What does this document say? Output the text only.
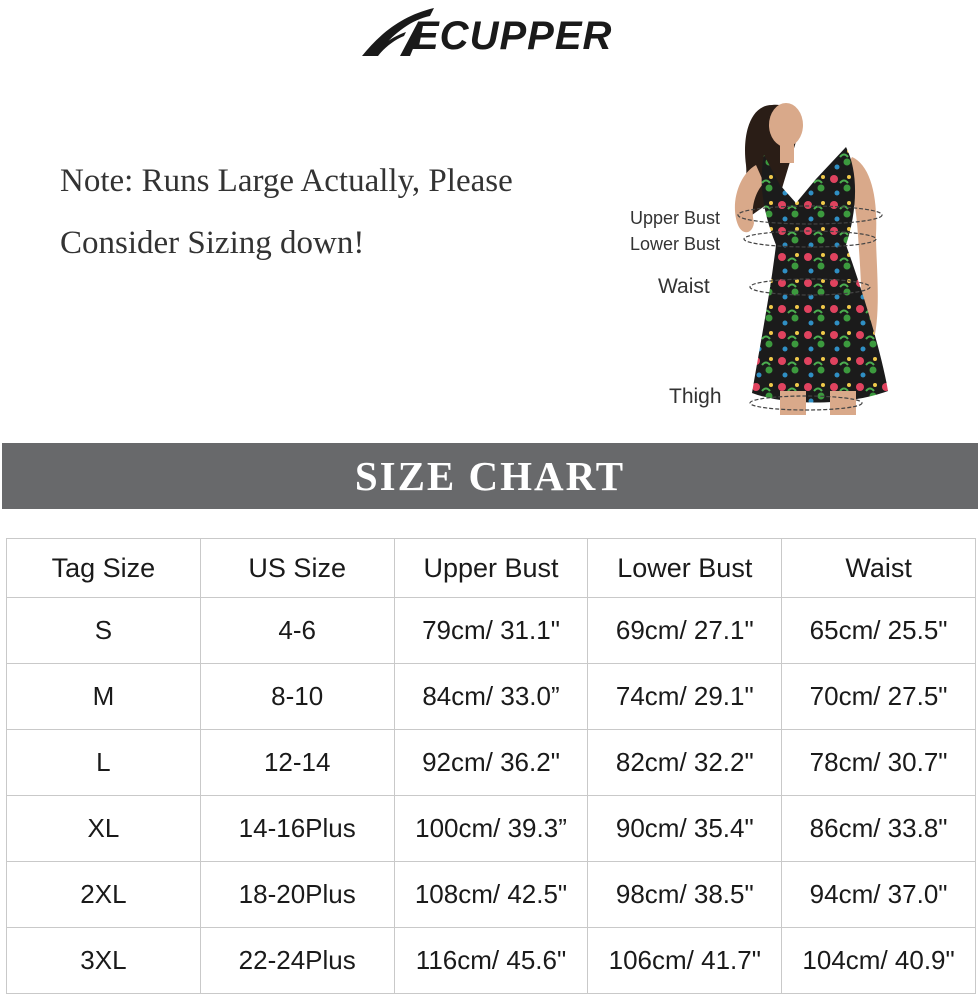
ECUPPER
Note: Runs Large Actually, Please
Consider Sizing down!
Upper Bust
Lower Bust
Waist
Thigh
SIZE CHART
Tag Size	US Size	Upper Bust	Lower Bust	Waist
S	4-6	79cm/ 31.1"	69cm/ 27.1"	65cm/ 25.5"
M	8-10	84cm/ 33.0”	74cm/ 29.1"	70cm/ 27.5"
L	12-14	92cm/ 36.2"	82cm/ 32.2"	78cm/ 30.7"
XL	14-16Plus	100cm/ 39.3”	90cm/ 35.4"	86cm/ 33.8"
2XL	18-20Plus	108cm/ 42.5"	98cm/ 38.5"	94cm/ 37.0"
3XL	22-24Plus	116cm/ 45.6"	106cm/ 41.7"	104cm/ 40.9"
